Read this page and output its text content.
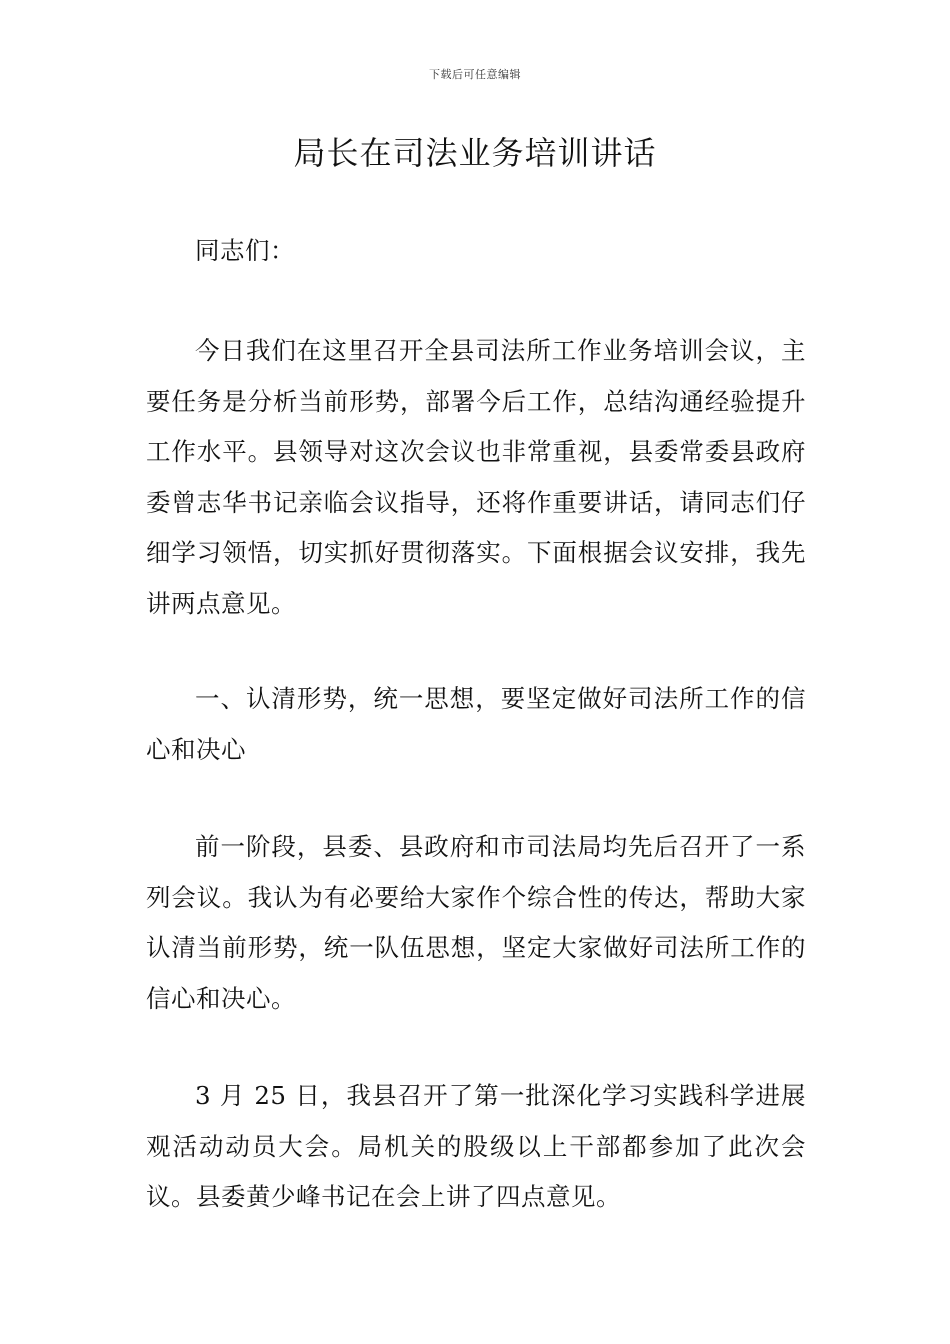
下载后可任意编辑
局长在司法业务培训讲话

同志们：

今日我们在这里召开全县司法所工作业务培训会议，主要任务是分析当前形势，部署今后工作，总结沟通经验提升工作水平。县领导对这次会议也非常重视，县委常委县政府委曾志华书记亲临会议指导，还将作重要讲话，请同志们仔细学习领悟，切实抓好贯彻落实。下面根据会议安排，我先讲两点意见。

一、认清形势，统一思想，要坚定做好司法所工作的信心和决心

前一阶段，县委、县政府和市司法局均先后召开了一系列会议。我认为有必要给大家作个综合性的传达，帮助大家认清当前形势，统一队伍思想，坚定大家做好司法所工作的信心和决心。

3 月 25 日，我县召开了第一批深化学习实践科学进展观活动动员大会。局机关的股级以上干部都参加了此次会议。县委黄少峰书记在会上讲了四点意见。
